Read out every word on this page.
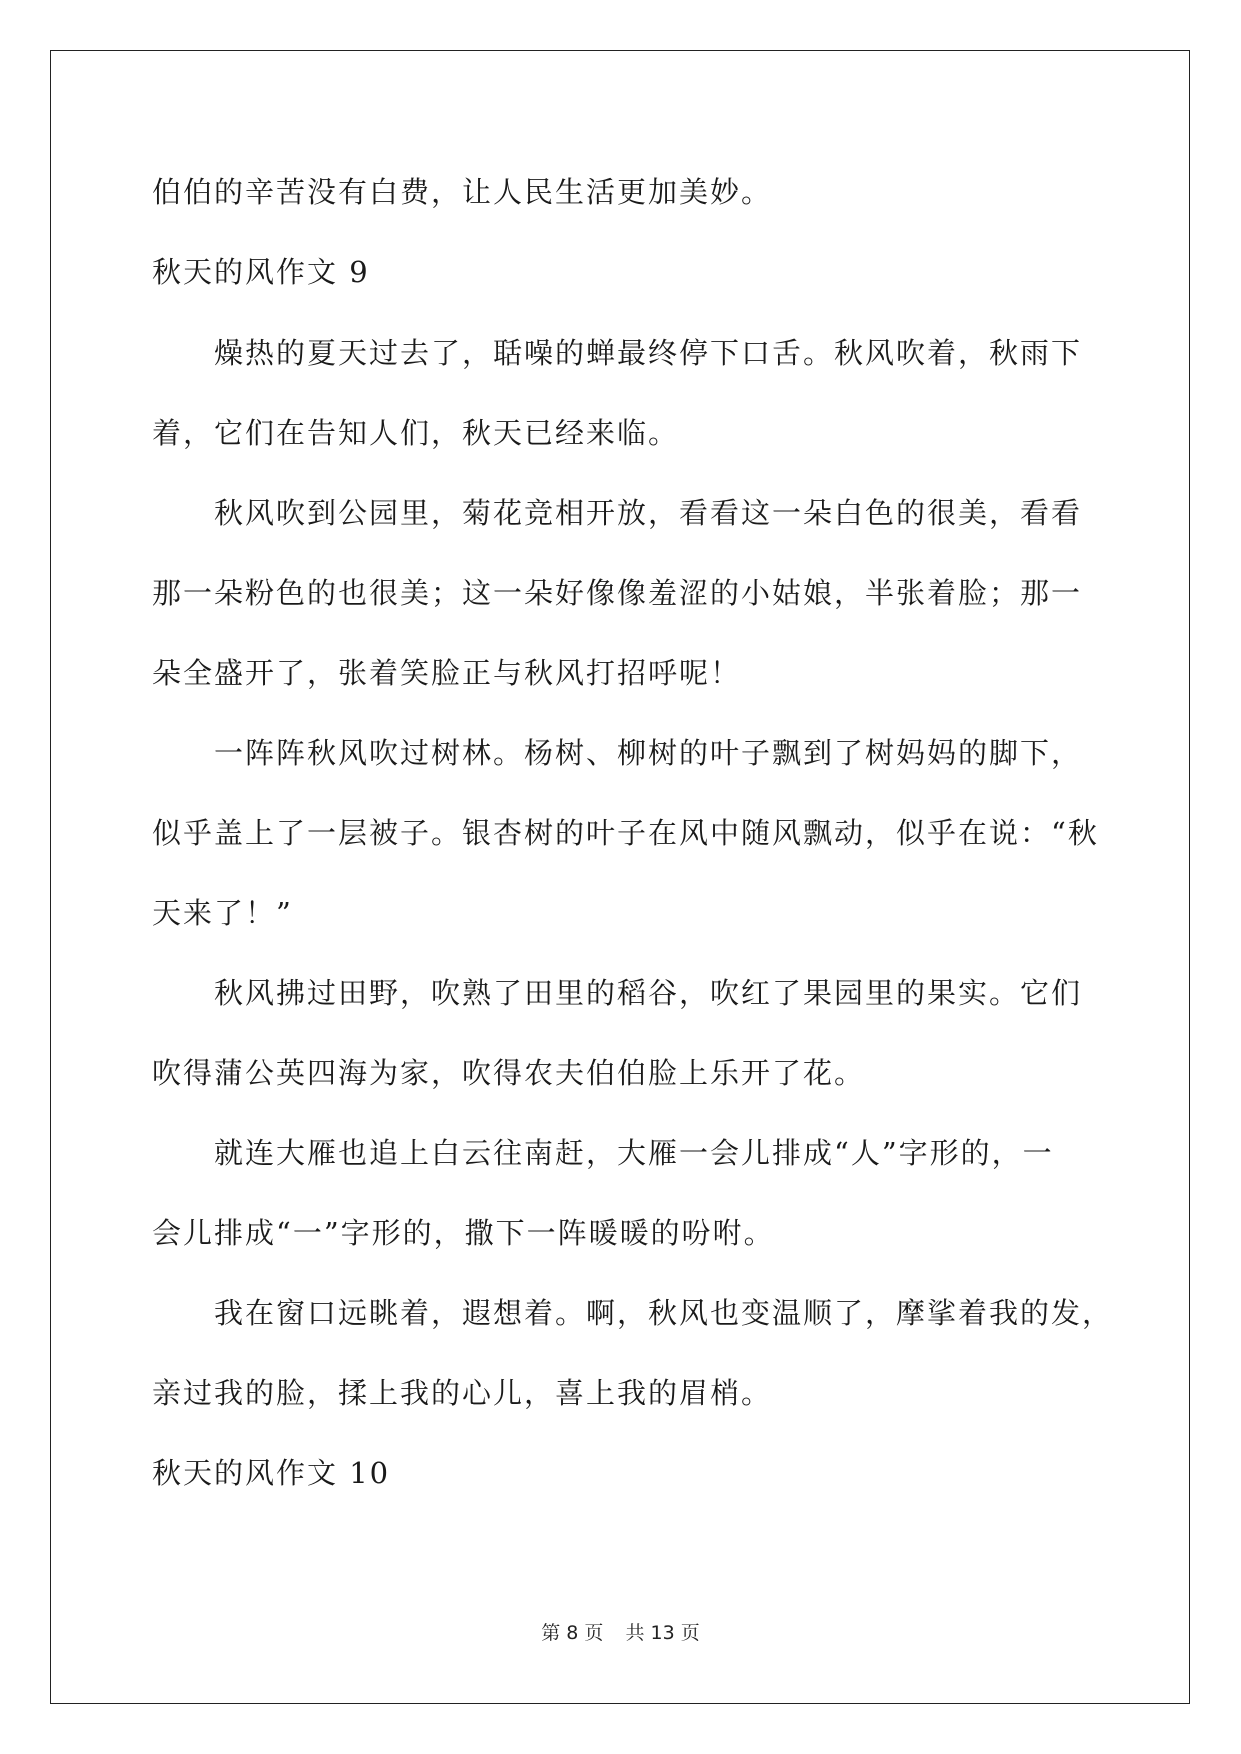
伯伯的辛苦没有白费，让人民生活更加美妙。
秋天的风作文 9
燥热的夏天过去了，聒噪的蝉最终停下口舌。秋风吹着，秋雨下
着，它们在告知人们，秋天已经来临。
秋风吹到公园里，菊花竞相开放，看看这一朵白色的很美，看看
那一朵粉色的也很美；这一朵好像像羞涩的小姑娘，半张着脸；那一
朵全盛开了，张着笑脸正与秋风打招呼呢！
一阵阵秋风吹过树林。杨树、柳树的叶子飘到了树妈妈的脚下，
似乎盖上了一层被子。银杏树的叶子在风中随风飘动，似乎在说：“秋
天来了！”
秋风拂过田野，吹熟了田里的稻谷，吹红了果园里的果实。它们
吹得蒲公英四海为家，吹得农夫伯伯脸上乐开了花。
就连大雁也追上白云往南赶，大雁一会儿排成“人”字形的，一
会儿排成“一”字形的，撒下一阵暖暖的吩咐。
我在窗口远眺着，遐想着。啊，秋风也变温顺了，摩挲着我的发，
亲过我的脸，揉上我的心儿，喜上我的眉梢。
秋天的风作文 10
第 8 页 共 13 页
